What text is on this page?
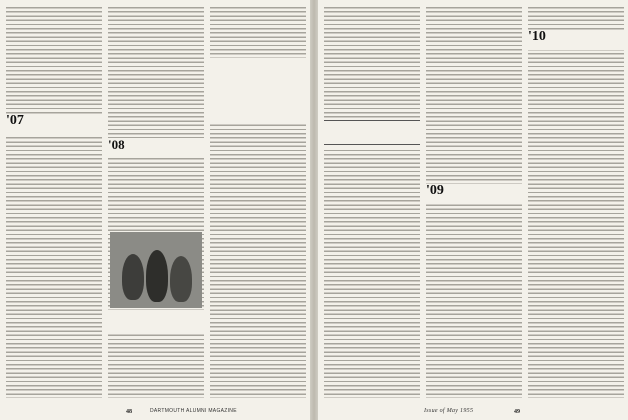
'07
'08
48	DARTMOUTH ALUMNI MAGAZINE
'09
'10
Issue of May 1955	49
